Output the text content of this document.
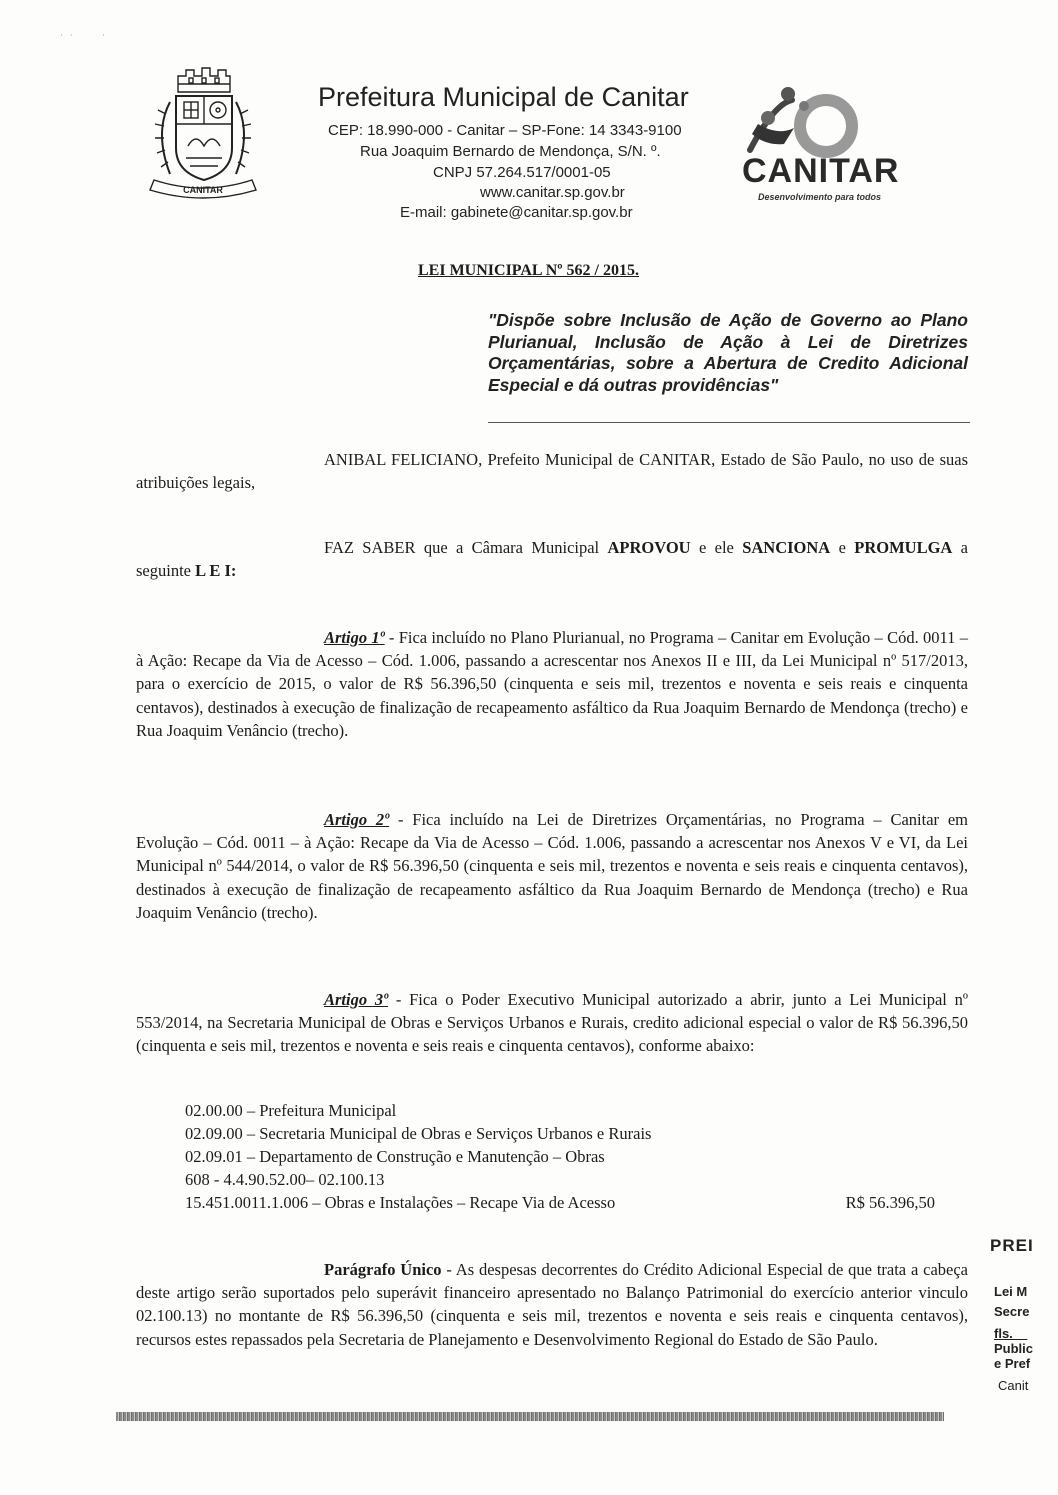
·   ·             ·
CANITAR
Prefeitura Municipal de Canitar
CEP: 18.990-000 - Canitar – SP-Fone: 14 3343-9100
Rua Joaquim Bernardo de Mendonça, S/N. º.
CNPJ 57.264.517/0001-05
www.canitar.sp.gov.br
E-mail: gabinete@canitar.sp.gov.br
CANITAR
Desenvolvimento para todos
LEI MUNICIPAL Nº 562 / 2015.
"Dispõe sobre Inclusão de Ação de Governo ao Plano Plurianual, Inclusão de Ação à Lei de Diretrizes Orçamentárias, sobre a Abertura de Credito Adicional Especial e dá outras providências"
ANIBAL FELICIANO, Prefeito Municipal de CANITAR, Estado de São Paulo, no uso de suas atribuições legais,
FAZ SABER que a Câmara Municipal APROVOU e ele SANCIONA e PROMULGA a seguinte L E I:
Artigo 1º - Fica incluído no Plano Plurianual, no Programa – Canitar em Evolução – Cód. 0011 – à Ação: Recape da Via de Acesso – Cód. 1.006, passando a acrescentar nos Anexos II e III, da Lei Municipal nº 517/2013, para o exercício de 2015, o valor de R$ 56.396,50 (cinquenta e seis mil, trezentos e noventa e seis reais e cinquenta centavos), destinados à execução de finalização de recapeamento asfáltico da Rua Joaquim Bernardo de Mendonça (trecho) e Rua Joaquim Venâncio (trecho).
Artigo 2º - Fica incluído na Lei de Diretrizes Orçamentárias, no Programa – Canitar em Evolução – Cód. 0011 – à Ação: Recape da Via de Acesso – Cód. 1.006, passando a acrescentar nos Anexos V e VI, da Lei Municipal nº 544/2014, o valor de R$ 56.396,50 (cinquenta e seis mil, trezentos e noventa e seis reais e cinquenta centavos), destinados à execução de finalização de recapeamento asfáltico da Rua Joaquim Bernardo de Mendonça (trecho) e Rua Joaquim Venâncio (trecho).
Artigo 3º - Fica o Poder Executivo Municipal autorizado a abrir, junto a Lei Municipal nº 553/2014, na Secretaria Municipal de Obras e Serviços Urbanos e Rurais, credito adicional especial o valor de R$ 56.396,50 (cinquenta e seis mil, trezentos e noventa e seis reais e cinquenta centavos), conforme abaixo:
02.00.00 – Prefeitura Municipal
02.09.00 – Secretaria Municipal de Obras e Serviços Urbanos e Rurais
02.09.01 – Departamento de Construção e Manutenção – Obras
608 - 4.4.90.52.00– 02.100.13
15.451.0011.1.006 – Obras e Instalações – Recape Via de Acesso	R$ 56.396,50
Parágrafo Único - As despesas decorrentes do Crédito Adicional Especial de que trata a cabeça deste artigo serão suportados pelo superávit financeiro apresentado no Balanço Patrimonial do exercício anterior vinculo 02.100.13) no montante de R$ 56.396,50 (cinquenta e seis mil, trezentos e noventa e seis reais e cinquenta centavos), recursos estes repassados pela Secretaria de Planejamento e Desenvolvimento Regional do Estado de São Paulo.
PREI
Lei M
Secre
fls.__
Public
e Pref
Canit
